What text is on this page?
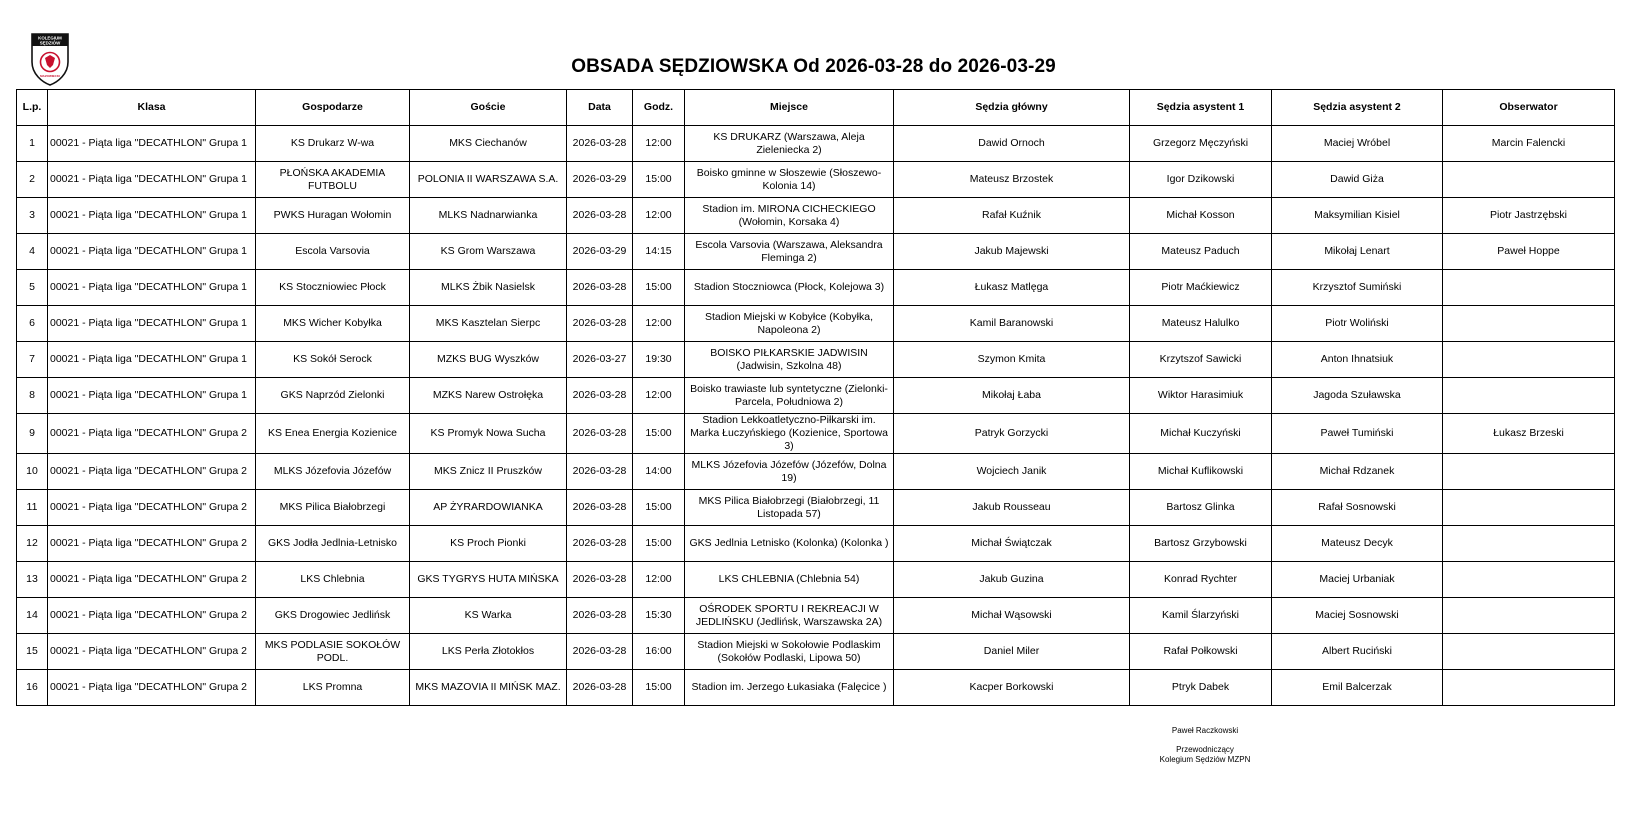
KOLEGIUM
SĘDZIÓW
MAZOWIECKI	OBSADA SĘDZIOWSKA Od 2026-03-28 do 2026-03-29
L.p.	Klasa	Gospodarze	Goście	Data	Godz.	Miejsce	Sędzia główny	Sędzia asystent 1	Sędzia asystent 2	Obserwator
1	00021 - Piąta liga "DECATHLON" Grupa 1	KS Drukarz W-wa	MKS Ciechanów	2026-03-28	12:00	KS DRUKARZ (Warszawa, Aleja Zieleniecka 2)	Dawid Ornoch	Grzegorz Męczyński	Maciej Wróbel	Marcin Falencki
2	00021 - Piąta liga "DECATHLON" Grupa 1	PŁOŃSKA AKADEMIA FUTBOLU	POLONIA II WARSZAWA S.A.	2026-03-29	15:00	Boisko gminne w Słoszewie (Słoszewo-Kolonia 14)	Mateusz Brzostek	Igor Dzikowski	Dawid Giża	
3	00021 - Piąta liga "DECATHLON" Grupa 1	PWKS Huragan Wołomin	MLKS Nadnarwianka	2026-03-28	12:00	Stadion im. MIRONA CICHECKIEGO (Wołomin, Korsaka 4)	Rafał Kuźnik	Michał Kosson	Maksymilian Kisiel	Piotr Jastrzębski
4	00021 - Piąta liga "DECATHLON" Grupa 1	Escola Varsovia	KS Grom Warszawa	2026-03-29	14:15	Escola Varsovia (Warszawa, Aleksandra Fleminga 2)	Jakub Majewski	Mateusz Paduch	Mikołaj Lenart	Paweł Hoppe
5	00021 - Piąta liga "DECATHLON" Grupa 1	KS Stoczniowiec Płock	MLKS Żbik Nasielsk	2026-03-28	15:00	Stadion Stoczniowca (Płock, Kolejowa 3)	Łukasz Matlęga	Piotr Maćkiewicz	Krzysztof Sumiński	
6	00021 - Piąta liga "DECATHLON" Grupa 1	MKS Wicher Kobyłka	MKS Kasztelan Sierpc	2026-03-28	12:00	Stadion Miejski w Kobyłce (Kobyłka, Napoleona 2)	Kamil Baranowski	Mateusz Halulko	Piotr Woliński	
7	00021 - Piąta liga "DECATHLON" Grupa 1	KS Sokół Serock	MZKS BUG Wyszków	2026-03-27	19:30	BOISKO PIŁKARSKIE JADWISIN (Jadwisin, Szkolna 48)	Szymon Kmita	Krzytszof Sawicki	Anton Ihnatsiuk	
8	00021 - Piąta liga "DECATHLON" Grupa 1	GKS Naprzód Zielonki	MZKS Narew Ostrołęka	2026-03-28	12:00	Boisko trawiaste lub syntetyczne (Zielonki-Parcela, Południowa 2)	Mikołaj Łaba	Wiktor Harasimiuk	Jagoda Szuławska	
9	00021 - Piąta liga "DECATHLON" Grupa 2	KS Enea Energia Kozienice	KS Promyk Nowa Sucha	2026-03-28	15:00	Stadion Lekkoatletyczno-Piłkarski im. Marka Łuczyńskiego (Kozienice, Sportowa 3)	Patryk Gorzycki	Michał Kuczyński	Paweł Tumiński	Łukasz Brzeski
10	00021 - Piąta liga "DECATHLON" Grupa 2	MLKS Józefovia Józefów	MKS Znicz II Pruszków	2026-03-28	14:00	MLKS Józefovia Józefów (Józefów, Dolna 19)	Wojciech Janik	Michał Kuflikowski	Michał Rdzanek	
11	00021 - Piąta liga "DECATHLON" Grupa 2	MKS Pilica Białobrzegi	AP ŻYRARDOWIANKA	2026-03-28	15:00	MKS Pilica Białobrzegi (Białobrzegi, 11 Listopada 57)	Jakub Rousseau	Bartosz Glinka	Rafał Sosnowski	
12	00021 - Piąta liga "DECATHLON" Grupa 2	GKS Jodła Jedlnia-Letnisko	KS Proch Pionki	2026-03-28	15:00	GKS Jedlnia Letnisko (Kolonka) (Kolonka )	Michał Świątczak	Bartosz Grzybowski	Mateusz Decyk	
13	00021 - Piąta liga "DECATHLON" Grupa 2	LKS Chlebnia	GKS TYGRYS HUTA MIŃSKA	2026-03-28	12:00	LKS CHLEBNIA (Chlebnia 54)	Jakub Guzina	Konrad Rychter	Maciej Urbaniak	
14	00021 - Piąta liga "DECATHLON" Grupa 2	GKS Drogowiec Jedlińsk	KS Warka	2026-03-28	15:30	OŚRODEK SPORTU I REKREACJI W JEDLIŃSKU (Jedlińsk, Warszawska 2A)	Michał Wąsowski	Kamil Ślarzyński	Maciej Sosnowski	
15	00021 - Piąta liga "DECATHLON" Grupa 2	MKS PODLASIE SOKOŁÓW PODL.	LKS Perła Złotokłos	2026-03-28	16:00	Stadion Miejski w Sokołowie Podlaskim (Sokołów Podlaski, Lipowa 50)	Daniel Miler	Rafał Połkowski	Albert Ruciński	
16	00021 - Piąta liga "DECATHLON" Grupa 2	LKS Promna	MKS MAZOVIA II MIŃSK MAZ.	2026-03-28	15:00	Stadion im. Jerzego Łukasiaka (Falęcice )	Kacper Borkowski	Ptryk Dabek	Emil Balcerzak	
Paweł Raczkowski
Przewodniczący
Kolegium Sędziów MZPN
